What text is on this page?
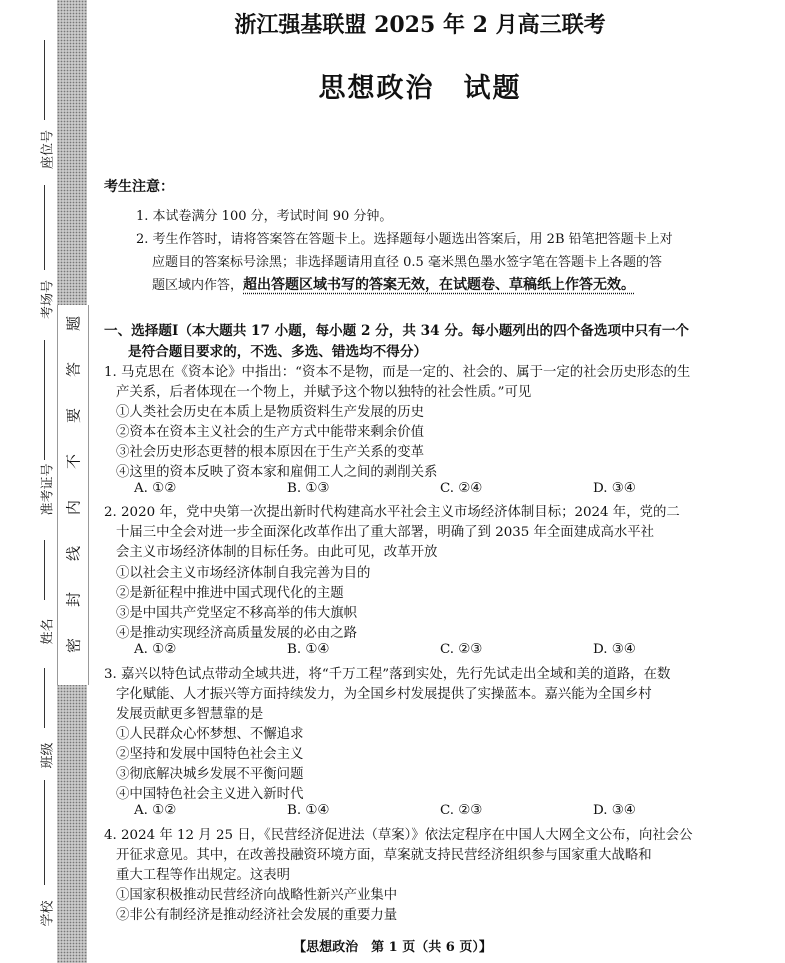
题
答
要
不
内
线
封
密
座位号
考场号
准考证号
姓名
班级
学校
浙江强基联盟 2025 年 2 月高三联考
思想政治　试题
考生注意：
1. 本试卷满分 100 分，考试时间 90 分钟。
2. 考生作答时，请将答案答在答题卡上。选择题每小题选出答案后，用 2B 铅笔把答题卡上对
应题目的答案标号涂黑；非选择题请用直径 0.5 毫米黑色墨水签字笔在答题卡上各题的答
题区域内作答，超出答题区域书写的答案无效，在试题卷、草稿纸上作答无效。
一、选择题Ⅰ（本大题共 17 小题，每小题 2 分，共 34 分。每小题列出的四个备选项中只有一个
是符合题目要求的，不选、多选、错选均不得分）
1. 马克思在《资本论》中指出：“资本不是物，而是一定的、社会的、属于一定的社会历史形态的生
产关系，后者体现在一个物上，并赋予这个物以独特的社会性质。”可见
①人类社会历史在本质上是物质资料生产发展的历史
②资本在资本主义社会的生产方式中能带来剩余价值
③社会历史形态更替的根本原因在于生产关系的变革
④这里的资本反映了资本家和雇佣工人之间的剥削关系
A. ①②	B. ①③	C. ②④	D. ③④
2. 2020 年，党中央第一次提出新时代构建高水平社会主义市场经济体制目标；2024 年，党的二
十届三中全会对进一步全面深化改革作出了重大部署，明确了到 2035 年全面建成高水平社
会主义市场经济体制的目标任务。由此可见，改革开放
①以社会主义市场经济体制自我完善为目的
②是新征程中推进中国式现代化的主题
③是中国共产党坚定不移高举的伟大旗帜
④是推动实现经济高质量发展的必由之路
A. ①②	B. ①④	C. ②③	D. ③④
3. 嘉兴以特色试点带动全域共进，将“千万工程”落到实处，先行先试走出全域和美的道路，在数
字化赋能、人才振兴等方面持续发力，为全国乡村发展提供了实操蓝本。嘉兴能为全国乡村
发展贡献更多智慧靠的是
①人民群众心怀梦想、不懈追求
②坚持和发展中国特色社会主义
③彻底解决城乡发展不平衡问题
④中国特色社会主义进入新时代
A. ①②	B. ①④	C. ②③	D. ③④
4. 2024 年 12 月 25 日，《民营经济促进法（草案）》依法定程序在中国人大网全文公布，向社会公
开征求意见。其中，在改善投融资环境方面，草案就支持民营经济组织参与国家重大战略和
重大工程等作出规定。这表明
①国家积极推动民营经济向战略性新兴产业集中
②非公有制经济是推动经济社会发展的重要力量
【思想政治　第 1 页（共 6 页）】
